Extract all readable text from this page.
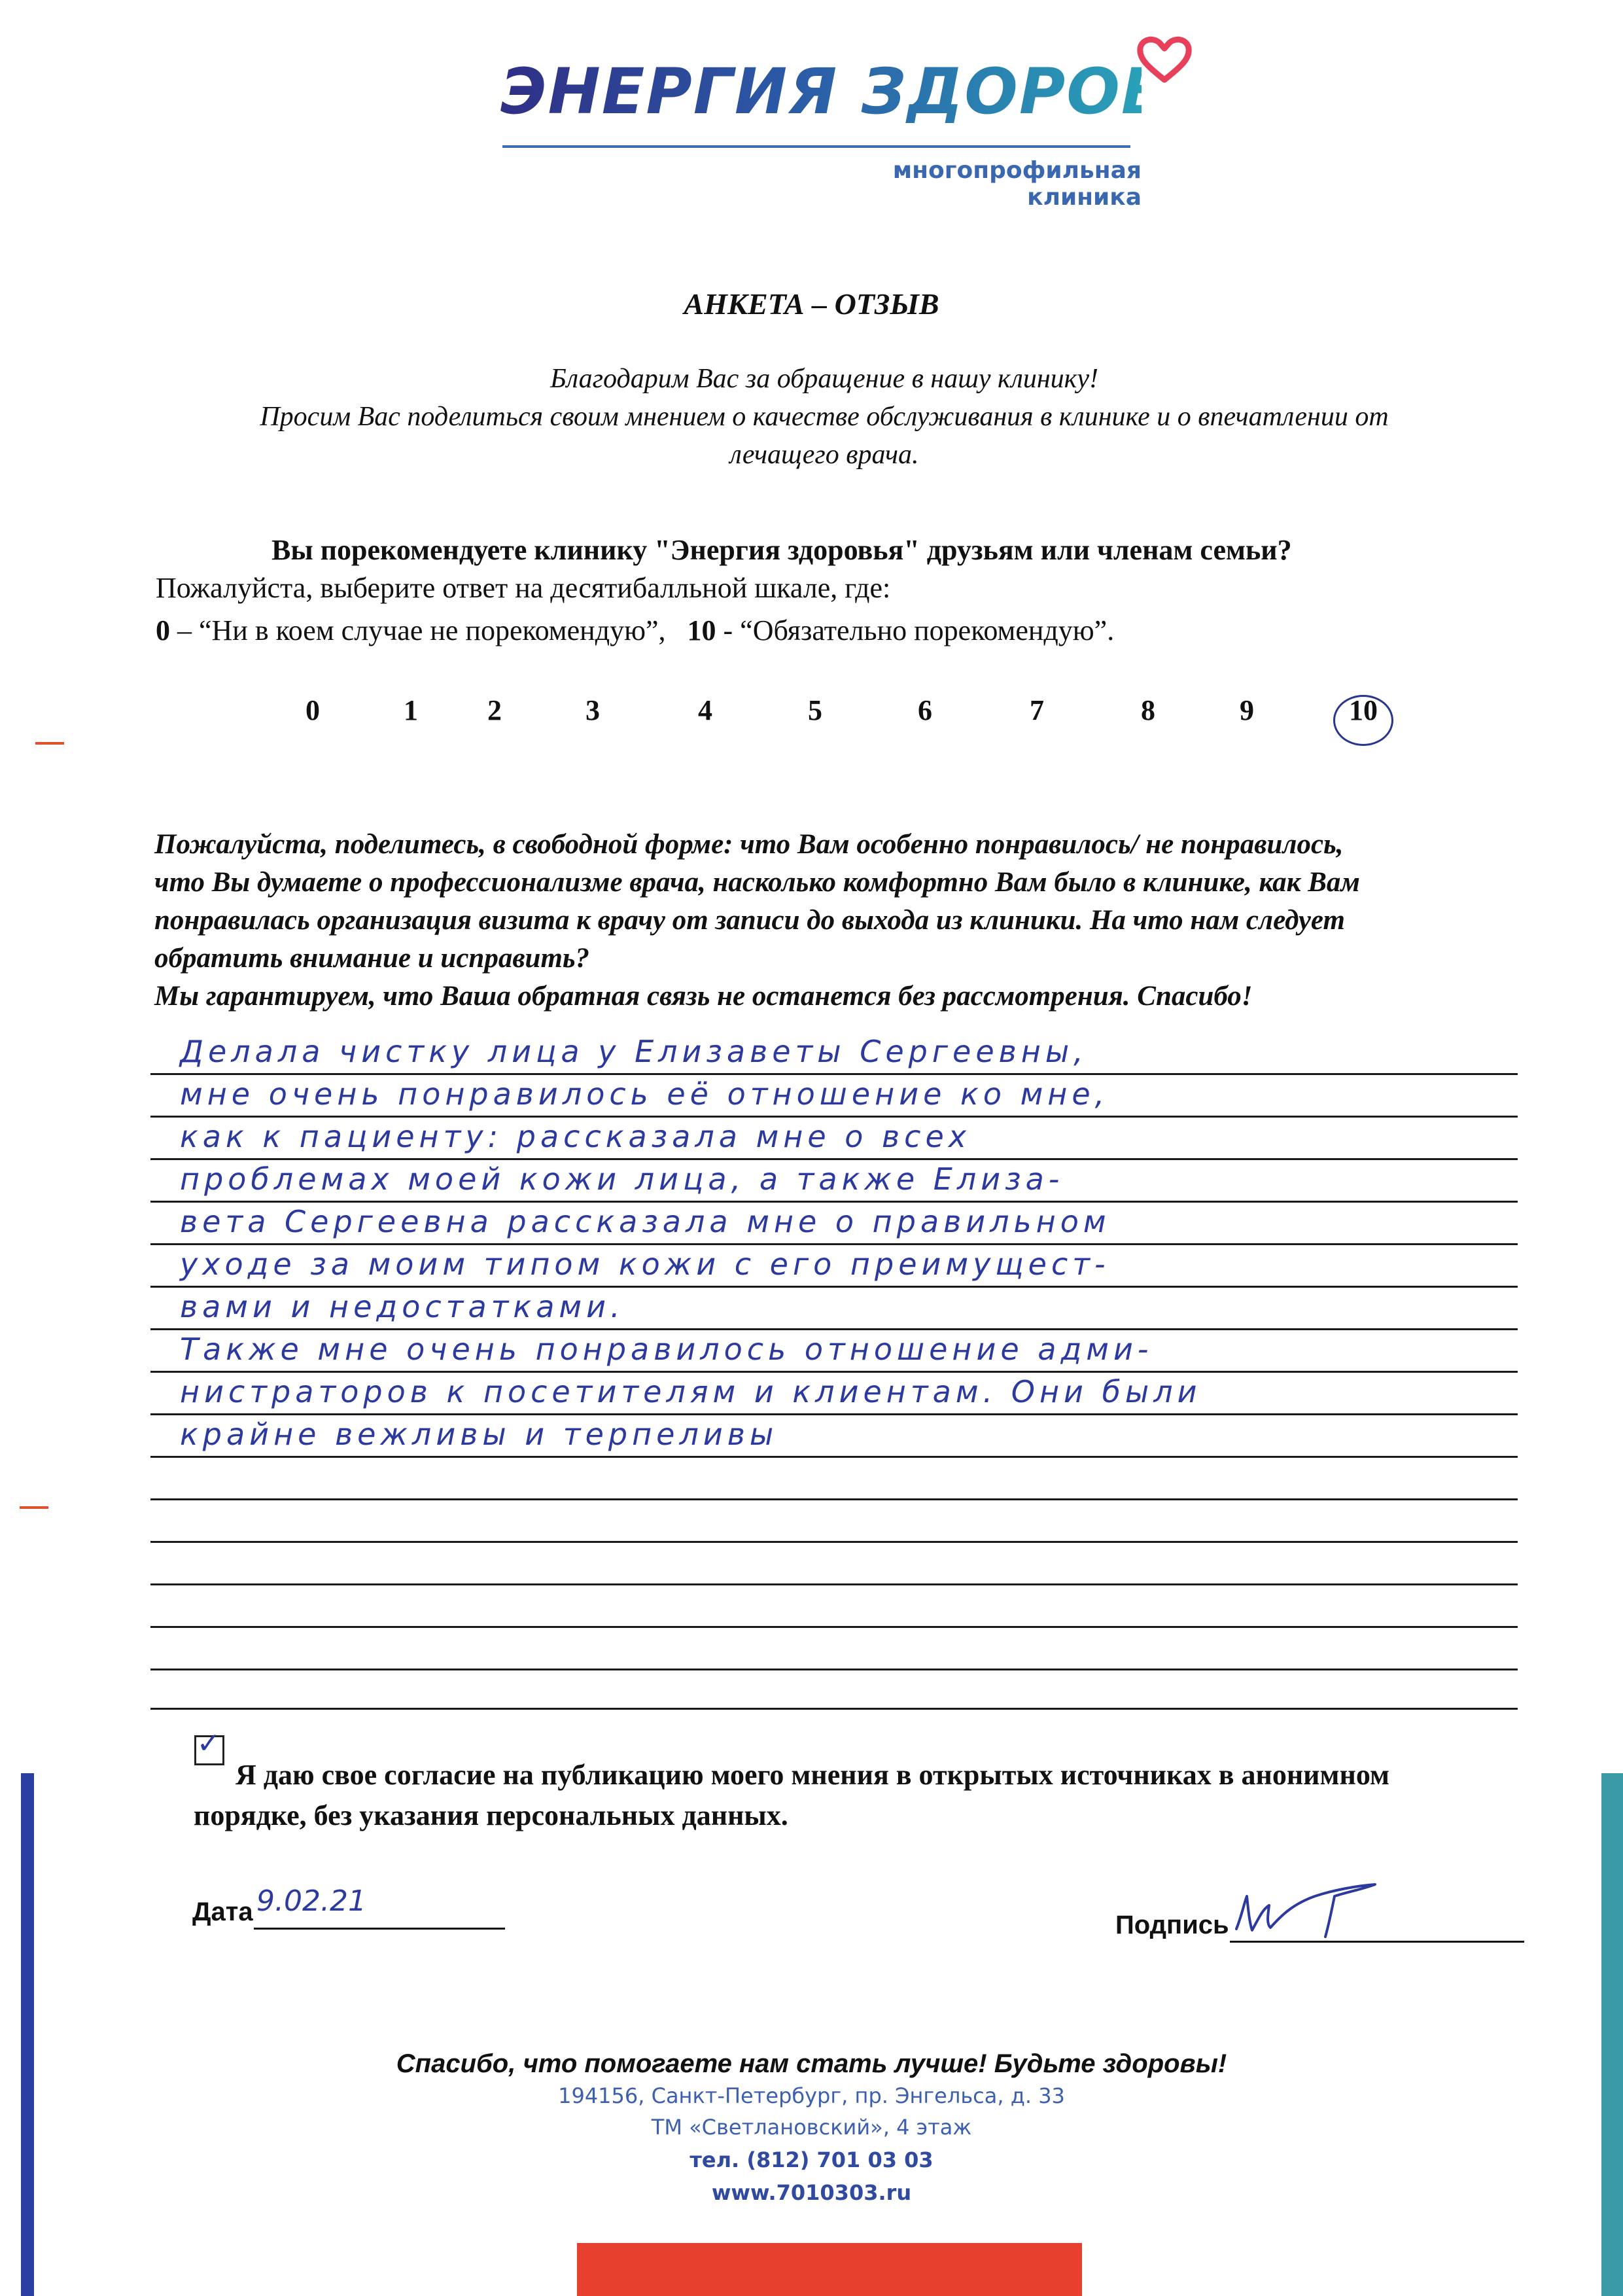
ЭНЕРГИЯ ЗДОРОВЬЯ
многопрофильная клиника
АНКЕТА – ОТЗЫВ
Благодарим Вас за обращение в нашу клинику!
Просим Вас поделиться своим мнением о качестве обслуживания в клинике и о впечатлении от
лечащего врача.
Вы порекомендуете клинику "Энергия здоровья" друзьям или членам семьи?
Пожалуйста, выберите ответ на десятибалльной шкале, где:
0 – “Ни в коем случае не порекомендую”, 10 - “Обязательно порекомендую”.
0	1	2	3	4	5	6	7	8	9	10
Пожалуйста, поделитесь, в свободной форме: что Вам особенно понравилось/ не понравилось,
что Вы думаете о профессионализме врача, насколько комфортно Вам было в клинике, как Вам
понравилась организация визита к врачу от записи до выхода из клиники. На что нам следует
обратить внимание и исправить?
Мы гарантируем, что Ваша обратная связь не останется без рассмотрения. Спасибо!
Делала чистку лица у Елизаветы Сергеевны,
мне очень понравилось её отношение ко мне,
как к пациенту: рассказала мне о всех
проблемах моей кожи лица, а также Елиза-
вета Сергеевна рассказала мне о правильном
уходе за моим типом кожи с его преимущест-
вами и недостатками.
Также мне очень понравилось отношение адми-
нистраторов к посетителям и клиентам. Они были
крайне вежливы и терпеливы
✓
Я даю свое согласие на публикацию моего мнения в открытых источниках в анонимном
порядке, без указания персональных данных.
Дата 9.02.21
Подпись
Спасибо, что помогаете нам стать лучше! Будьте здоровы!
194156, Санкт-Петербург, пр. Энгельса, д. 33
ТМ «Светлановский», 4 этаж
тел. (812) 701 03 03
www.7010303.ru
